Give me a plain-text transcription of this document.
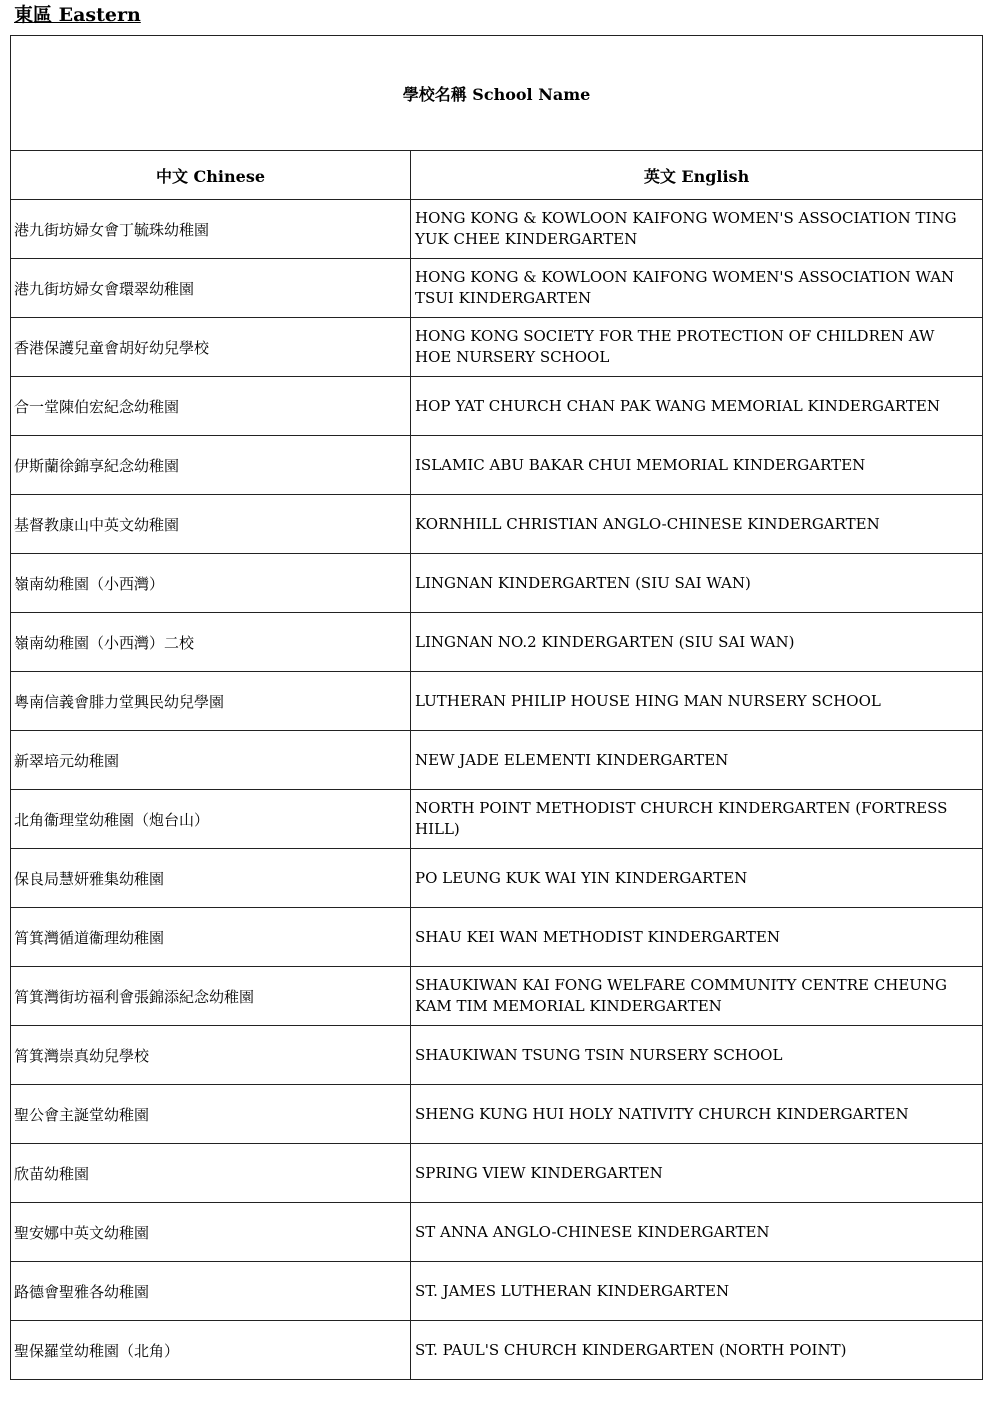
東區 Eastern
學校名稱 School Name	
中文 Chinese	英文 English
港九街坊婦女會丁毓珠幼稚園	HONG KONG & KOWLOON KAIFONG WOMEN'S ASSOCIATION TING YUK CHEE KINDERGARTEN
港九街坊婦女會環翠幼稚園	HONG KONG & KOWLOON KAIFONG WOMEN'S ASSOCIATION WAN TSUI KINDERGARTEN
香港保護兒童會胡好幼兒學校	HONG KONG SOCIETY FOR THE PROTECTION OF CHILDREN AW HOE NURSERY SCHOOL
合一堂陳伯宏紀念幼稚園	HOP YAT CHURCH CHAN PAK WANG MEMORIAL KINDERGARTEN
伊斯蘭徐錦享紀念幼稚園	ISLAMIC ABU BAKAR CHUI MEMORIAL KINDERGARTEN
基督教康山中英文幼稚園	KORNHILL CHRISTIAN ANGLO-CHINESE KINDERGARTEN
嶺南幼稚園（小西灣）	LINGNAN KINDERGARTEN (SIU SAI WAN)
嶺南幼稚園（小西灣）二校	LINGNAN NO.2 KINDERGARTEN (SIU SAI WAN)
粵南信義會腓力堂興民幼兒學園	LUTHERAN PHILIP HOUSE HING MAN NURSERY SCHOOL
新翠培元幼稚園	NEW JADE ELEMENTI KINDERGARTEN
北角衞理堂幼稚園（炮台山）	NORTH POINT METHODIST CHURCH KINDERGARTEN (FORTRESS HILL)
保良局慧妍雅集幼稚園	PO LEUNG KUK WAI YIN KINDERGARTEN
筲箕灣循道衞理幼稚園	SHAU KEI WAN METHODIST KINDERGARTEN
筲箕灣街坊福利會張錦添紀念幼稚園	SHAUKIWAN KAI FONG WELFARE COMMUNITY CENTRE CHEUNG KAM TIM MEMORIAL KINDERGARTEN
筲箕灣崇真幼兒學校	SHAUKIWAN TSUNG TSIN NURSERY SCHOOL
聖公會主誕堂幼稚園	SHENG KUNG HUI HOLY NATIVITY CHURCH KINDERGARTEN
欣苗幼稚園	SPRING VIEW KINDERGARTEN
聖安娜中英文幼稚園	ST ANNA ANGLO-CHINESE KINDERGARTEN
路德會聖雅各幼稚園	ST. JAMES LUTHERAN KINDERGARTEN
聖保羅堂幼稚園（北角）	ST. PAUL'S CHURCH KINDERGARTEN (NORTH POINT)
